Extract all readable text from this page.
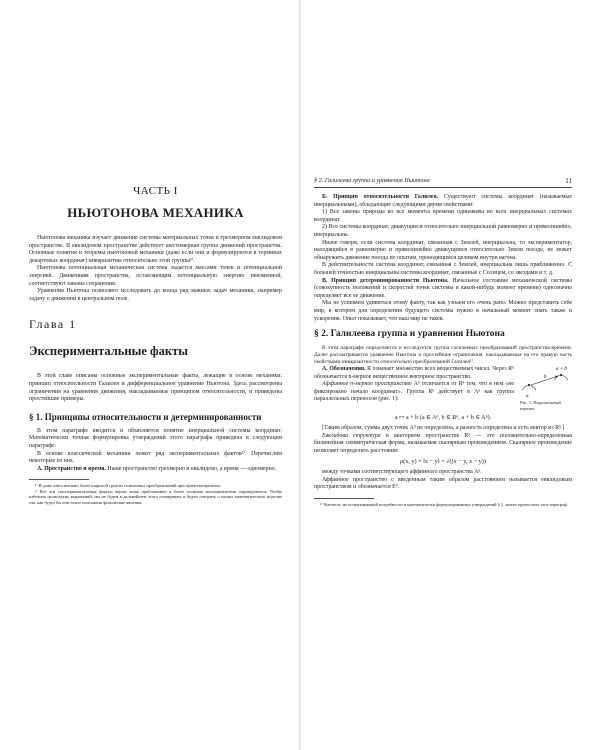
ЧАСТЬ I
НЬЮТОНОВА МЕХАНИКА

Ньютонова механика изучает движение системы материальных точек в трехмерном евклидовом пространстве. В евклидовом пространстве действует шестимерная группа движений пространства. Основные понятия и теоремы ньютоновой механики (даже если они и формулируются в терминах декартовых координат) инвариантны относительно этой группы¹⁾.

Ньютонова потенциальная механическая система задается массами точек и потенциальной энергией. Движениям пространства, оставляющим потенциальную энергию неизменной, соответствуют законы сохранения.

Уравнения Ньютона позволяют исследовать до конца ряд важных задач механики, например задачу о движении в центральном поле.

Глава 1
Экспериментальные факты

В этой главе описаны основные экспериментальные факты, лежащие в основе механики: принцип относительности Галилея и дифференциальное уравнение Ньютона. Здесь рассмотрены ограничения на уравнения движения, накладываемые принципом относительности, и приведены простейшие примеры.

§ 1. Принципы относительности и детерминированности

В этом параграфе вводится и объясняется понятие инерциальной системы координат. Математически точная формулировка утверждений этого параграфа приведена в следующем параграфе.

В основе классической механики лежит ряд экспериментальных фактов²⁾. Перечислим некоторые из них.

А. Пространство и время. Наше пространство трехмерно и евклидово, а время — одномерно.

¹⁾ И даже относительно более широкой группы галилеевых преобразований пространства-времени.

²⁾ Все эти «экспериментальные факты» верны лишь приближенно и более точными экспериментами опровергаются. Чтобы избежать громоздких выражений, мы не будем в дальнейшем этого оговаривать и будем говорить о наших математических моделях так, как будто бы они точно описывали физические явления.

§ 2. Галилеева группа и уравнения Ньютона	11

Б. Принцип относительности Галилея. Существуют системы координат (называемые инерциальными), обладающие следующими двумя свойствами:

1) Все законы природы во все моменты времени одинаковы во всех инерциальных системах координат.

2) Все системы координат, движущиеся относительно инерциальной равномерно и прямолинейно, инерциальны.

Иначе говоря, если система координат, связанная с Землей, инерциальна, то экспериментатор, находящийся в равномерно и прямолинейно движущемся относительно Земли поезде, не может обнаружить движение поезда по опытам, проводящимся целиком внутри вагона.

В действительности система координат, связанная с Землей, инерциальна лишь приближенно. С большей точностью инерциальны системы координат, связанные с Солнцем, со звездами и т. д.

В. Принцип детерминированности Ньютона. Начальное состояние механической системы (совокупность положений и скоростей точек системы в какой-нибудь момент времени) однозначно определяет все ее движение.

Мы не успеваем удивиться этому факту, так как узнаем его очень рано. Можно представить себе мир, в котором для определения будущего системы нужно в начальный момент знать также и ускорения. Опыт показывает, что наш мир не таков.

§ 2. Галилеева группа и уравнения Ньютона

В этом параграфе определяется и исследуется группа галилеевых преобразований пространства-времени. Далее рассматривается уравнение Ньютона и простейшие ограничения, накладываемые на его правую часть свойствами инвариантности относительно преобразований Галилея¹⁾.

А. Обозначения. R означает множество всех вещественных чисел. Через Rⁿ обозначается n-мерное вещественное векторное пространство.

Аффинное n-мерное пространство Aⁿ отличается от Rⁿ тем, что в нем «не фиксировано начало координат». Группа Rⁿ действует в Aⁿ как группа параллельных переносов (рис. 1):	a
b
a + b
Рис. 1. Параллельный перенос
a ↦ a + b (a ∈ Aⁿ, b ∈ Rⁿ, a + b ∈ Aⁿ).

[Таким образом, сумма двух точек Aⁿ не определена, а разность определена и есть вектор из Rⁿ.]

Евклидова структура в векторном пространстве Rⁿ — это положительно-определенная билинейная симметрическая форма, называемая скалярным произведением. Скалярное произведение позволяет определить расстояние

ρ(x, y) = ‖x − y‖ = √((x − y, x − y))

между точками соответствующего аффинного пространства Aⁿ.

Аффинное пространство с введенным таким образом расстоянием называется евклидовым пространством и обозначается Eⁿ.

¹⁾ Читатель, не испытывающий потребности в математически формулированных утверждений § 1, может пропустить этот параграф.
